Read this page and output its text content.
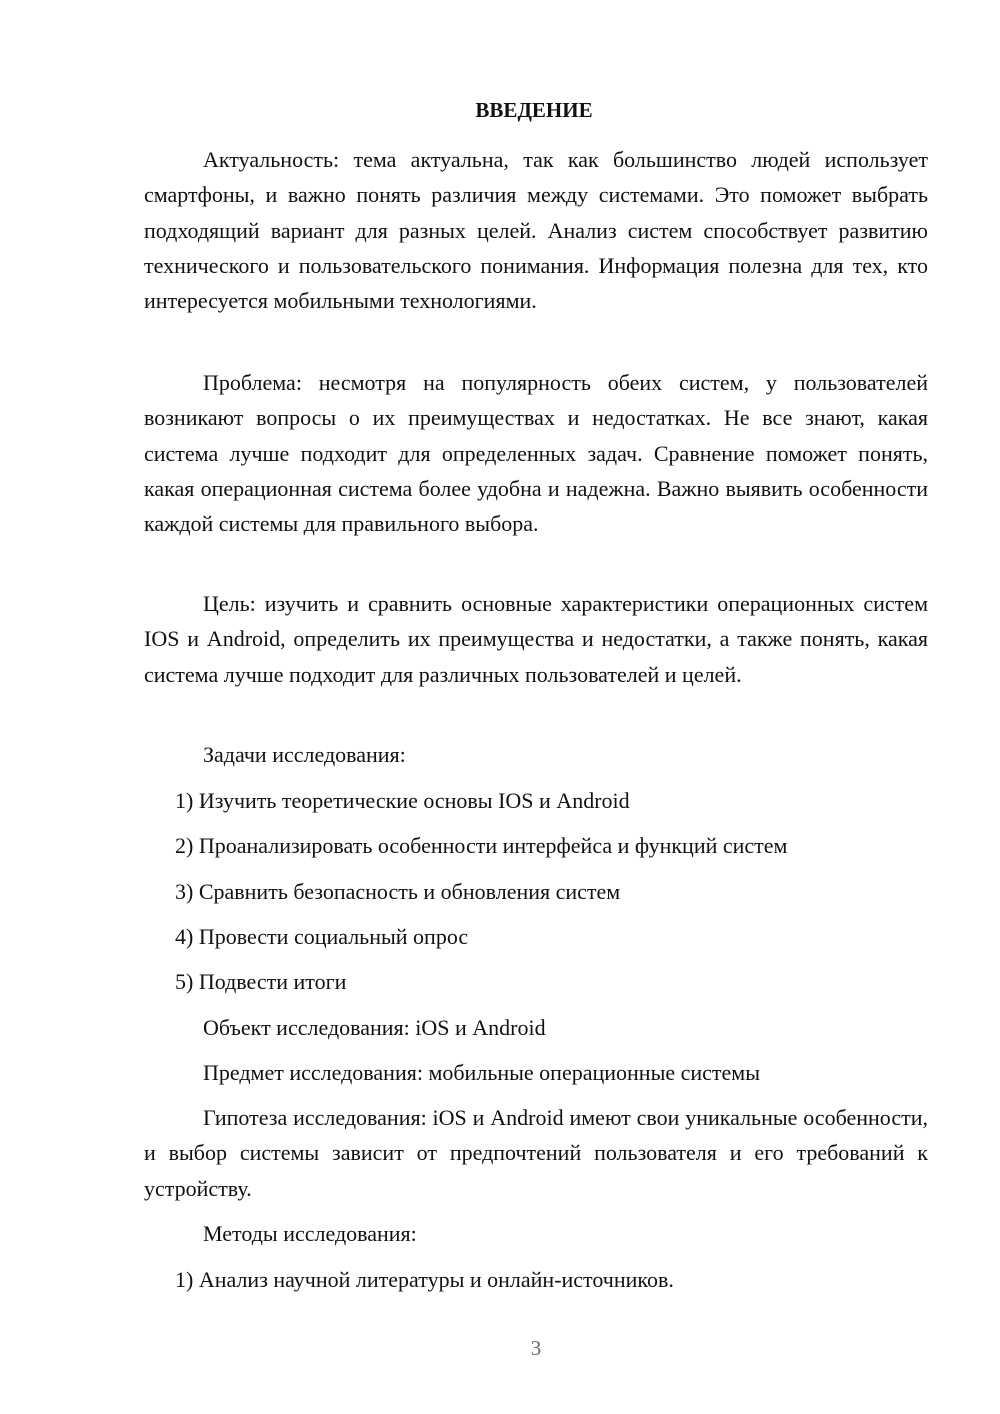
ВВЕДЕНИЕ

Актуальность: тема актуальна, так как большинство людей использует смартфоны, и важно понять различия между системами. Это поможет выбрать подходящий вариант для разных целей. Анализ систем способствует развитию технического и пользовательского понимания. Информация полезна для тех, кто интересуется мобильными технологиями.

Проблема: несмотря на популярность обеих систем, у пользователей возникают вопросы о их преимуществах и недостатках. Не все знают, какая система лучше подходит для определенных задач. Сравнение поможет понять, какая операционная система более удобна и надежна. Важно выявить особенности каждой системы для правильного выбора.

Цель: изучить и сравнить основные характеристики операционных систем IOS и Android, определить их преимущества и недостатки, а также понять, какая система лучше подходит для различных пользователей и целей.

Задачи исследования:

1) Изучить теоретические основы IOS и Android

2) Проанализировать особенности интерфейса и функций систем

3) Сравнить безопасность и обновления систем

4) Провести социальный опрос

5) Подвести итоги

Объект исследования: iOS и Android

Предмет исследования: мобильные операционные системы

Гипотеза исследования: iOS и Android имеют свои уникальные особенности, и выбор системы зависит от предпочтений пользователя и его требований к устройству.

Методы исследования:

1) Анализ научной литературы и онлайн-источников.

3
